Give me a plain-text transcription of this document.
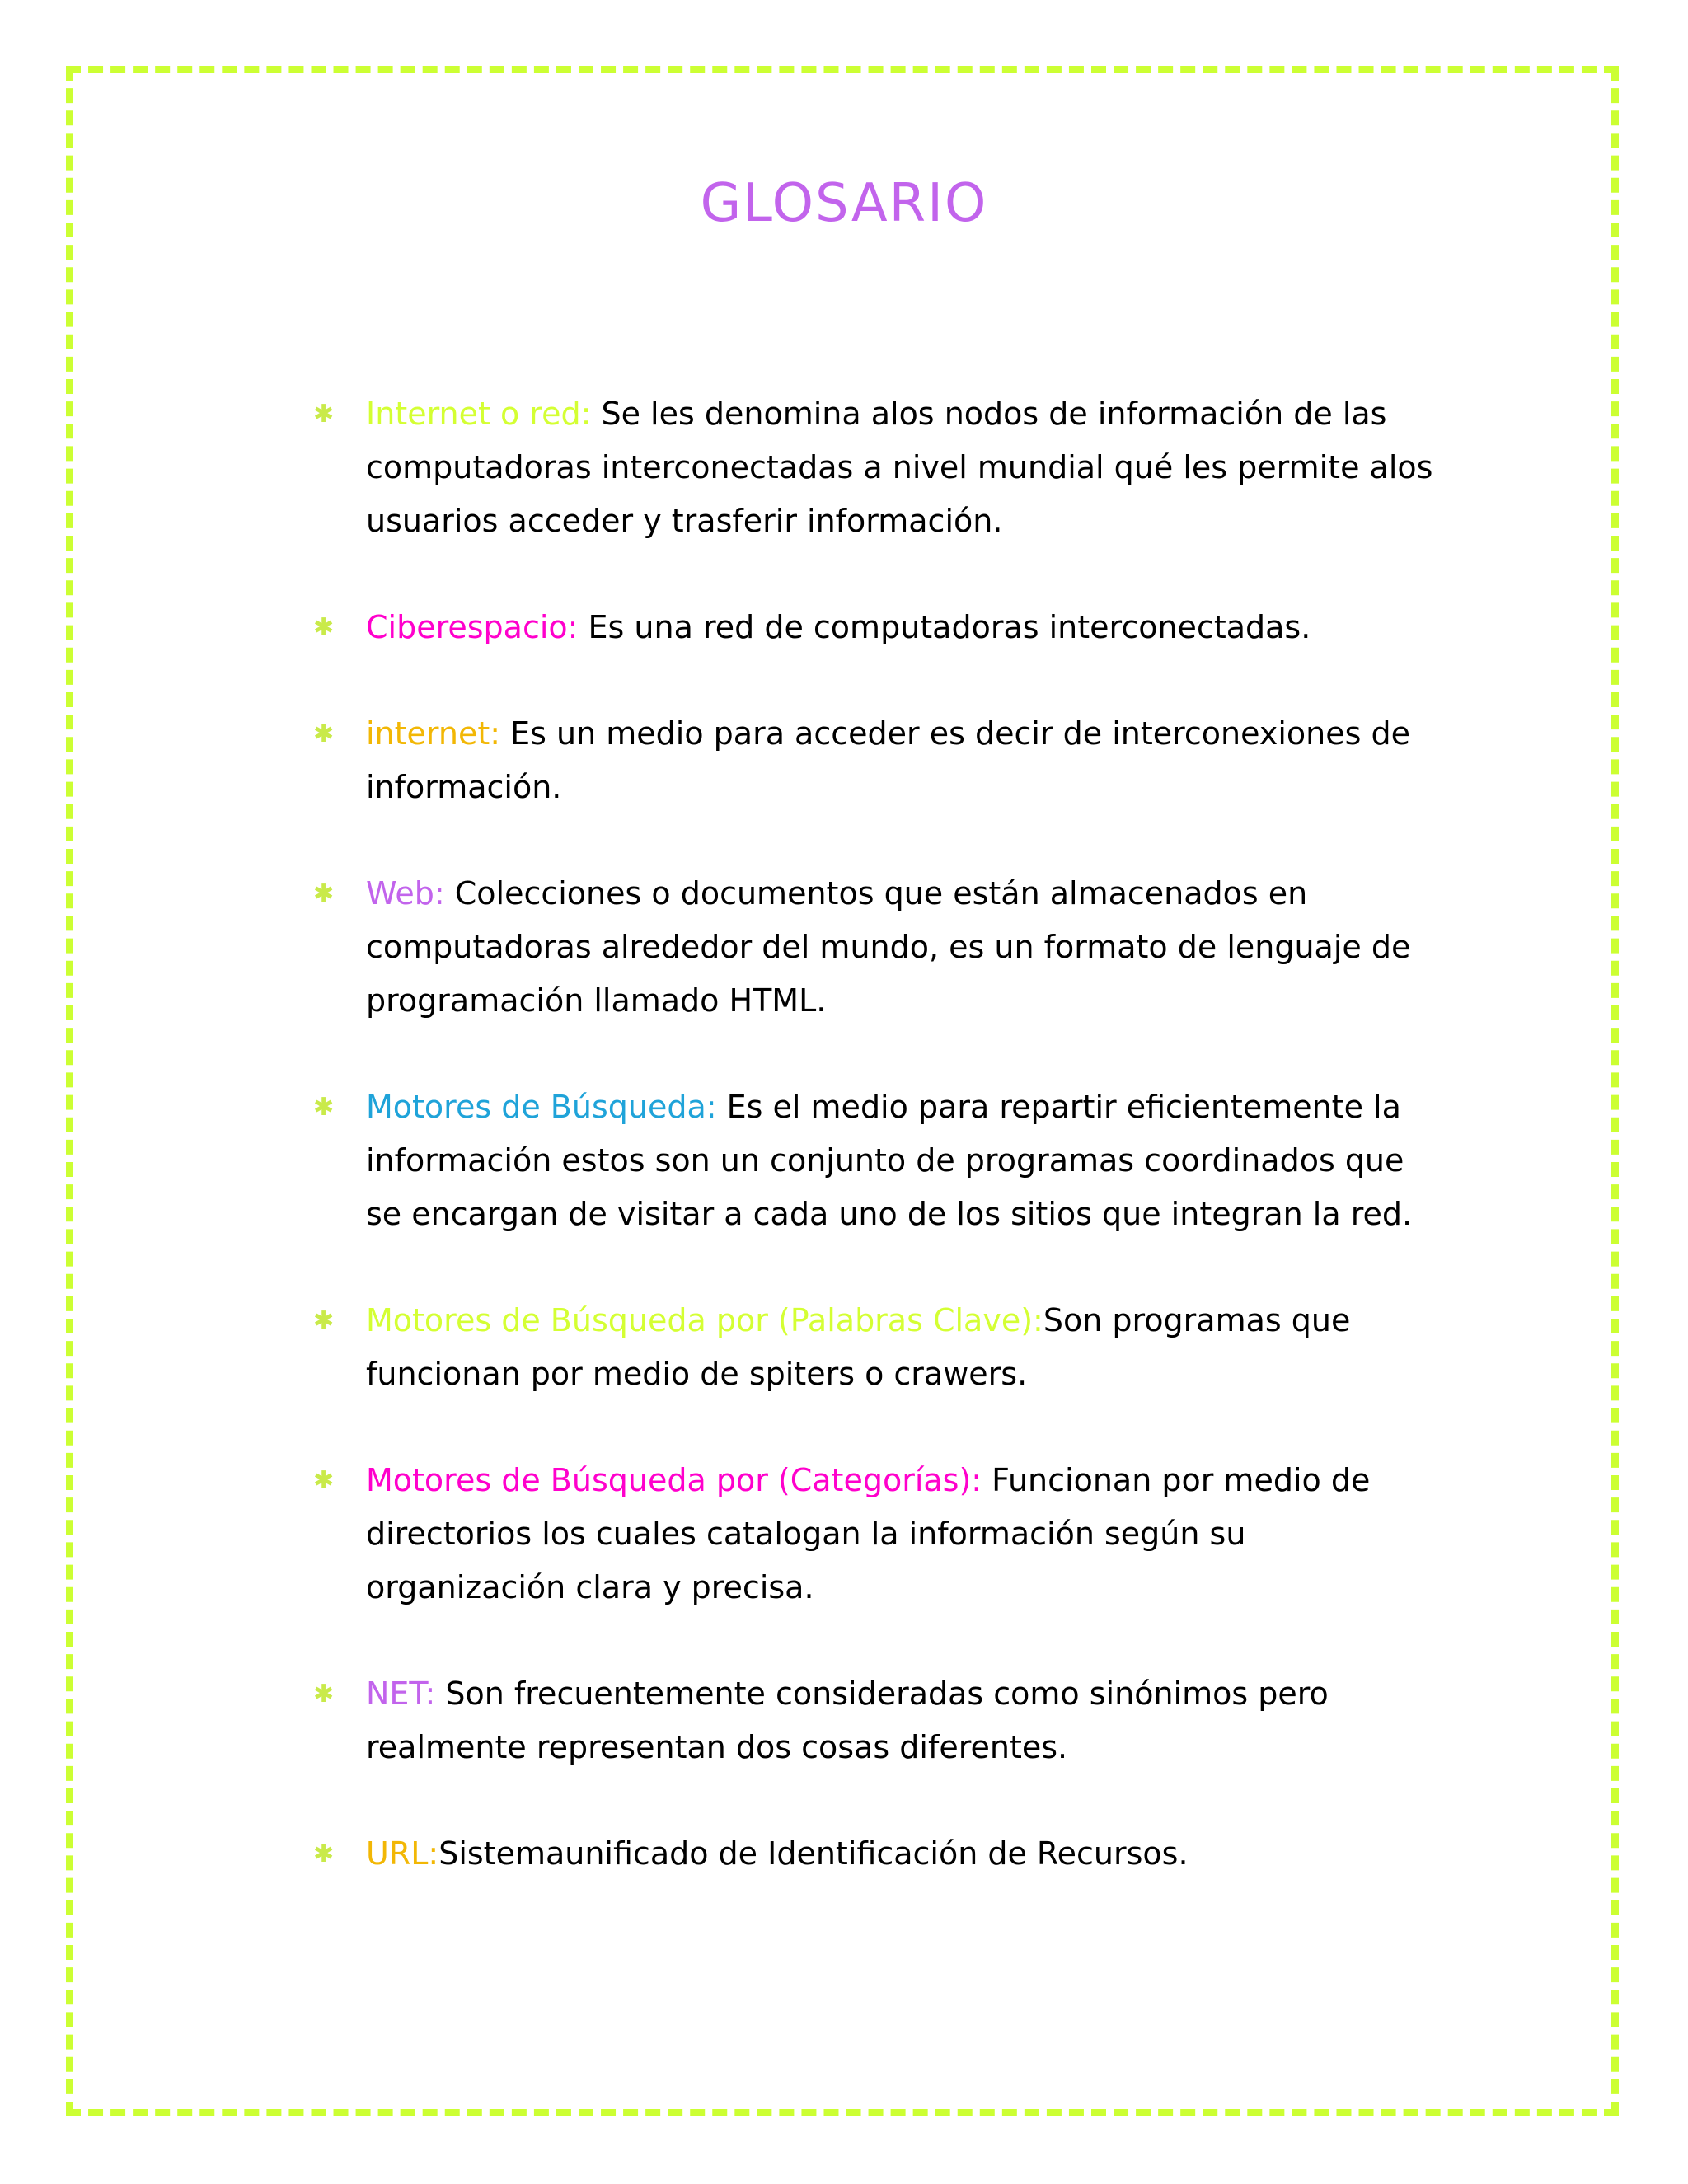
GLOSARIO
✱ Internet o red: Se les denomina alos nodos de información de las computadoras interconectadas a nivel mundial qué les permite alos usuarios acceder y trasferir información.
✱ Ciberespacio: Es una red de computadoras interconectadas.
✱ internet: Es un medio para acceder es decir de interconexiones de información.
✱ Web: Colecciones o documentos que están almacenados en computadoras alrededor del mundo, es un formato de lenguaje de programación llamado HTML.
✱ Motores de Búsqueda: Es el medio para repartir eficientemente la información estos son un conjunto de programas coordinados que se encargan de visitar a cada uno de los sitios que integran la red.
✱ Motores de Búsqueda por (Palabras Clave):Son programas que funcionan por medio de spiters o crawers.
✱ Motores de Búsqueda por (Categorías): Funcionan por medio de directorios los cuales catalogan la información según su organización clara y precisa.
✱ NET: Son frecuentemente consideradas como sinónimos pero realmente representan dos cosas diferentes.
✱ URL:Sistemaunificado de Identificación de Recursos.
